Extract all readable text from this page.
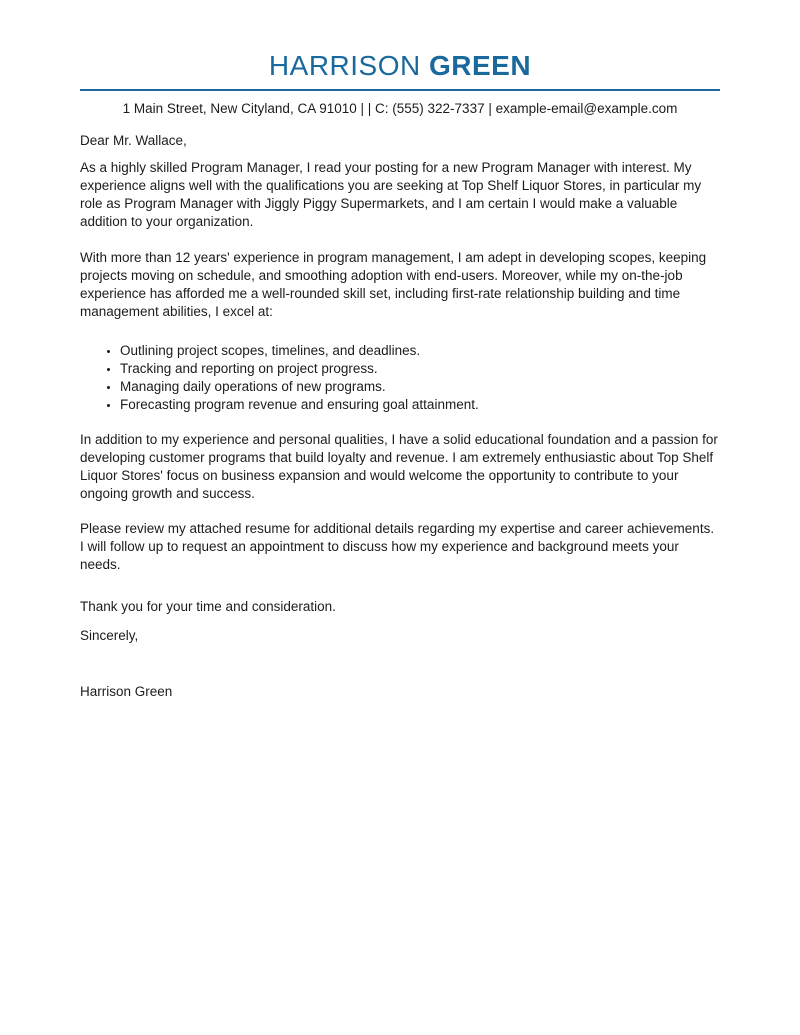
HARRISON GREEN
1 Main Street, New Cityland, CA 91010 | | C: (555) 322-7337 | example-email@example.com

Dear Mr. Wallace,

As a highly skilled Program Manager, I read your posting for a new Program Manager with interest. My experience aligns well with the qualifications you are seeking at Top Shelf Liquor Stores, in particular my role as Program Manager with Jiggly Piggy Supermarkets, and I am certain I would make a valuable addition to your organization.

With more than 12 years' experience in program management, I am adept in developing scopes, keeping projects moving on schedule, and smoothing adoption with end-users. Moreover, while my on-the-job experience has afforded me a well-rounded skill set, including first-rate relationship building and time management abilities, I excel at:

• Outlining project scopes, timelines, and deadlines.
• Tracking and reporting on project progress.
• Managing daily operations of new programs.
• Forecasting program revenue and ensuring goal attainment.

In addition to my experience and personal qualities, I have a solid educational foundation and a passion for developing customer programs that build loyalty and revenue. I am extremely enthusiastic about Top Shelf Liquor Stores' focus on business expansion and would welcome the opportunity to contribute to your ongoing growth and success.

Please review my attached resume for additional details regarding my expertise and career achievements. I will follow up to request an appointment to discuss how my experience and background meets your needs.

Thank you for your time and consideration.

Sincerely,

Harrison Green
